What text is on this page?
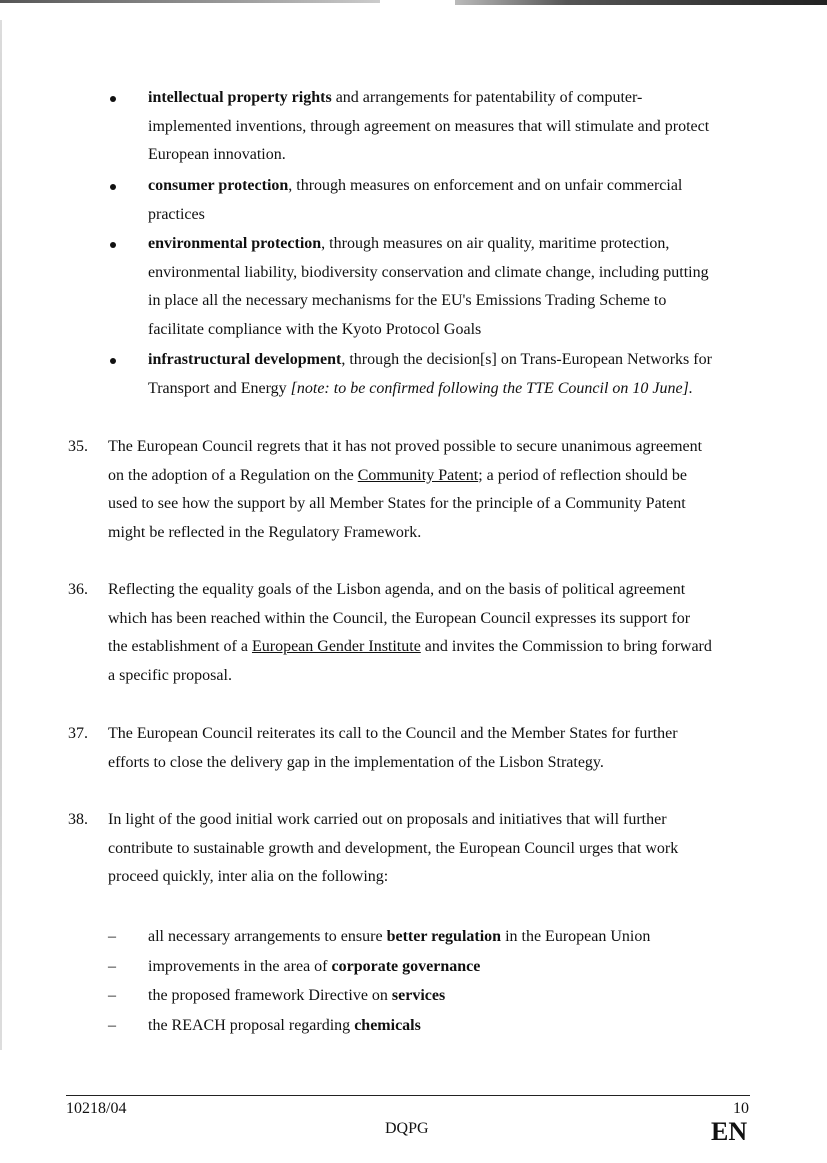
intellectual property rights and arrangements for patentability of computer-
implemented inventions, through agreement on measures that will stimulate and protect
European innovation.
consumer protection, through measures on enforcement and on unfair commercial
practices
environmental protection, through measures on air quality, maritime protection,
environmental liability, biodiversity conservation and climate change, including putting
in place all the necessary mechanisms for the EU's Emissions Trading Scheme to
facilitate compliance with the Kyoto Protocol Goals
infrastructural development, through the decision[s] on Trans-European Networks for
Transport and Energy [note: to be confirmed following the TTE Council on 10 June].
35. The European Council regrets that it has not proved possible to secure unanimous agreement
on the adoption of a Regulation on the Community Patent; a period of reflection should be
used to see how the support by all Member States for the principle of a Community Patent
might be reflected in the Regulatory Framework.
36. Reflecting the equality goals of the Lisbon agenda, and on the basis of political agreement
which has been reached within the Council, the European Council expresses its support for
the establishment of a European Gender Institute and invites the Commission to bring forward
a specific proposal.
37. The European Council reiterates its call to the Council and the Member States for further
efforts to close the delivery gap in the implementation of the Lisbon Strategy.
38. In light of the good initial work carried out on proposals and initiatives that will further
contribute to sustainable growth and development, the European Council urges that work
proceed quickly, inter alia on the following:
– all necessary arrangements to ensure better regulation in the European Union
– improvements in the area of corporate governance
– the proposed framework Directive on services
– the REACH proposal regarding chemicals
10218/04
DQPG
10
EN
